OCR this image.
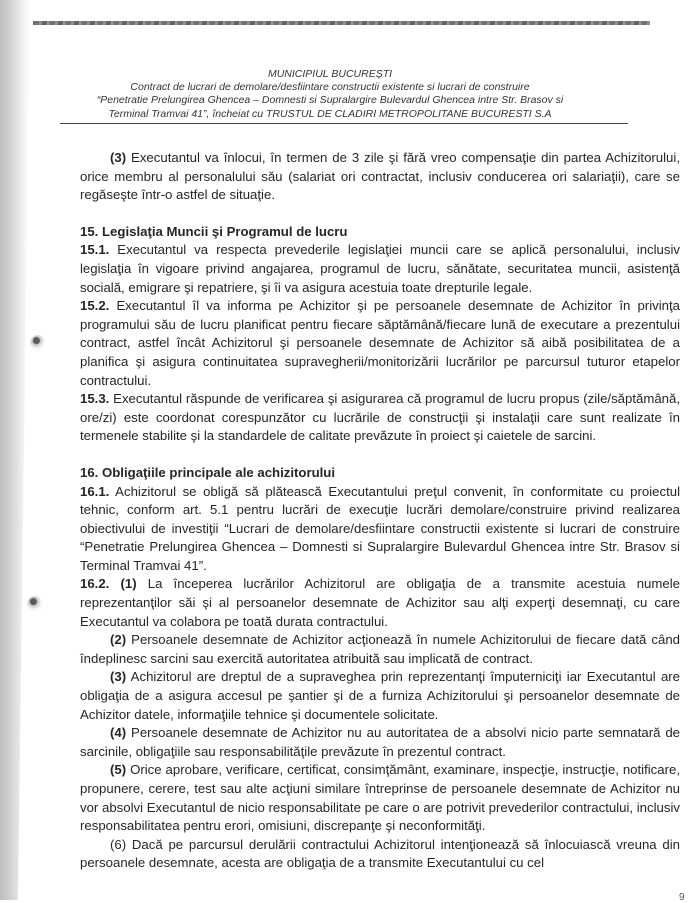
MUNICIPIUL BUCUREȘTI
Contract de lucrari de demolare/desfiintare constructii existente si lucrari de construire
“Penetratie Prelungirea Ghencea – Domnesti si Supralargire Bulevardul Ghencea intre Str. Brasov si
Terminal Tramvai 41”, încheiat cu TRUSTUL DE CLADIRI METROPOLITANE BUCURESTI S.A

(3) Executantul va înlocui, în termen de 3 zile şi fără vreo compensaţie din partea Achizitorului, orice membru al personalului său (salariat ori contractat, inclusiv conducerea ori salariaţii), care se regăseşte într-o astfel de situaţie.

15. Legislaţia Muncii şi Programul de lucru

15.1. Executantul va respecta prevederile legislaţiei muncii care se aplică personalului, inclusiv legislaţia în vigoare privind angajarea, programul de lucru, sănătate, securitatea muncii, asistenţă socială, emigrare şi repatriere, şi îi va asigura acestuia toate drepturile legale.

15.2. Executantul îl va informa pe Achizitor şi pe persoanele desemnate de Achizitor în privinţa programului său de lucru planificat pentru fiecare săptămână/fiecare lună de executare a prezentului contract, astfel încât Achizitorul şi persoanele desemnate de Achizitor să aibă posibilitatea de a planifica şi asigura continuitatea supravegherii/monitorizării lucrărilor pe parcursul tuturor etapelor contractului.

15.3. Executantul răspunde de verificarea şi asigurarea că programul de lucru propus (zile/săptămână, ore/zi) este coordonat corespunzător cu lucrările de construcţii şi instalaţii care sunt realizate în termenele stabilite şi la standardele de calitate prevăzute în proiect şi caietele de sarcini.

16. Obligaţiile principale ale achizitorului

16.1. Achizitorul se obligă să plătească Executantului preţul convenit, în conformitate cu proiectul tehnic, conform art. 5.1 pentru lucrări de execuţie lucrări demolare/construire privind realizarea obiectivului de investiţii “Lucrari de demolare/desfiintare constructii existente si lucrari de construire “Penetratie Prelungirea Ghencea – Domnesti si Supralargire Bulevardul Ghencea intre Str. Brasov si Terminal Tramvai 41”.

16.2. (1) La începerea lucrărilor Achizitorul are obligaţia de a transmite acestuia numele reprezentanţilor săi şi al persoanelor desemnate de Achizitor sau alţi experţi desemnaţi, cu care Executantul va colabora pe toată durata contractului.

(2) Persoanele desemnate de Achizitor acţionează în numele Achizitorului de fiecare dată când îndeplinesc sarcini sau exercită autoritatea atribuită sau implicată de contract.

(3) Achizitorul are dreptul de a supraveghea prin reprezentanţi împuterniciţi iar Executantul are obligaţia de a asigura accesul pe şantier şi de a furniza Achizitorului şi persoanelor desemnate de Achizitor datele, informaţiile tehnice şi documentele solicitate.

(4) Persoanele desemnate de Achizitor nu au autoritatea de a absolvi nicio parte semnatară de sarcinile, obligaţiile sau responsabilităţile prevăzute în prezentul contract.

(5) Orice aprobare, verificare, certificat, consimţământ, examinare, inspecţie, instrucţie, notificare, propunere, cerere, test sau alte acţiuni similare întreprinse de persoanele desemnate de Achizitor nu vor absolvi Executantul de nicio responsabilitate pe care o are potrivit prevederilor contractului, inclusiv responsabilitatea pentru erori, omisiuni, discrepanţe şi neconformităţi.

(6) Dacă pe parcursul derulării contractului Achizitorul intenţionează să înlocuiască vreuna din persoanele desemnate, acesta are obligaţia de a transmite Executantului cu cel

9
